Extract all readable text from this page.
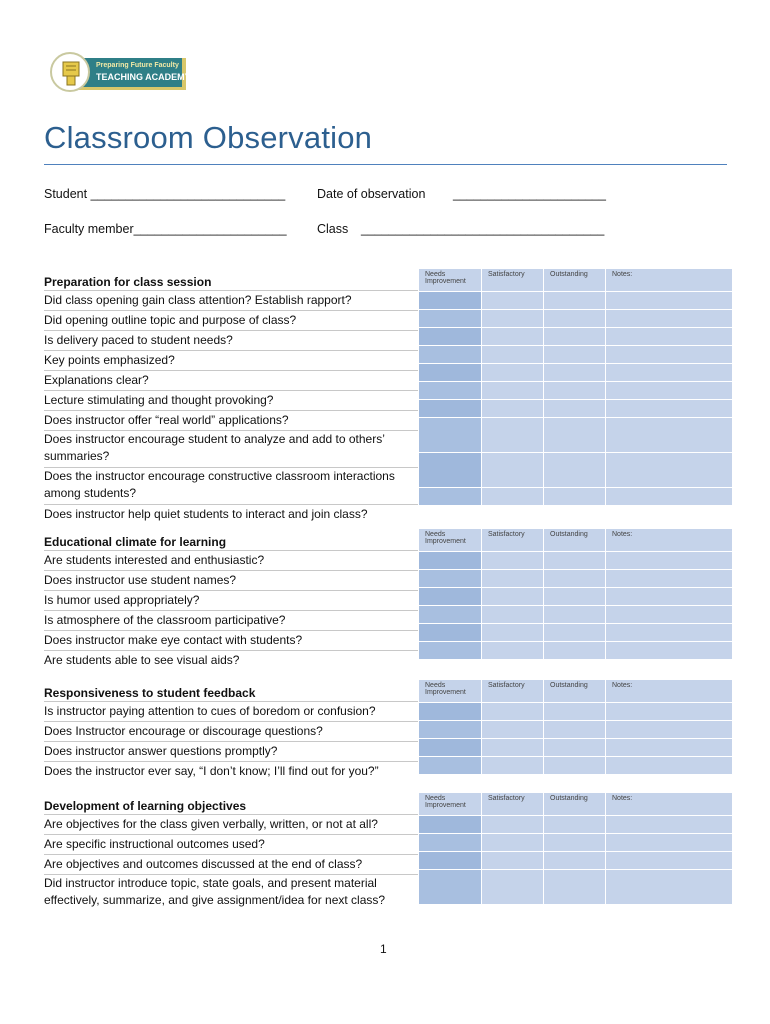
Preparing Future Faculty
TEACHING ACADEMY
Classroom Observation
Student ____________________________	Date of observation ______________________
Faculty member______________________ Class ___________________________________
Preparation for class session
Did class opening gain class attention? Establish rapport?
Did opening outline topic and purpose of class?
Is delivery paced to student needs?
Key points emphasized?
Explanations clear?
Lecture stimulating and thought provoking?
Does instructor offer “real world” applications?
Does instructor encourage student to analyze and add to others’ summaries?
Does the instructor encourage constructive classroom interactions among students?
Does instructor help quiet students to interact and join class?
Needs Improvement	Satisfactory	Outstanding	Notes:

Educational climate for learning
Are students interested and enthusiastic?
Does instructor use student names?
Is humor used appropriately?
Is atmosphere of the classroom participative?
Does instructor make eye contact with students?
Are students able to see visual aids?
Needs Improvement	Satisfactory	Outstanding	Notes:

Responsiveness to student feedback
Is instructor paying attention to cues of boredom or confusion?
Does Instructor encourage or discourage questions?
Does instructor answer questions promptly?
Does the instructor ever say, “I don’t know; I’ll find out for you?”
Needs Improvement	Satisfactory	Outstanding	Notes:

Development of learning objectives
Are objectives for the class given verbally, written, or not at all?
Are specific instructional outcomes used?
Are objectives and outcomes discussed at the end of class?
Did instructor introduce topic, state goals, and present material effectively, summarize, and give assignment/idea for next class?
Needs Improvement	Satisfactory	Outstanding	Notes:

1
